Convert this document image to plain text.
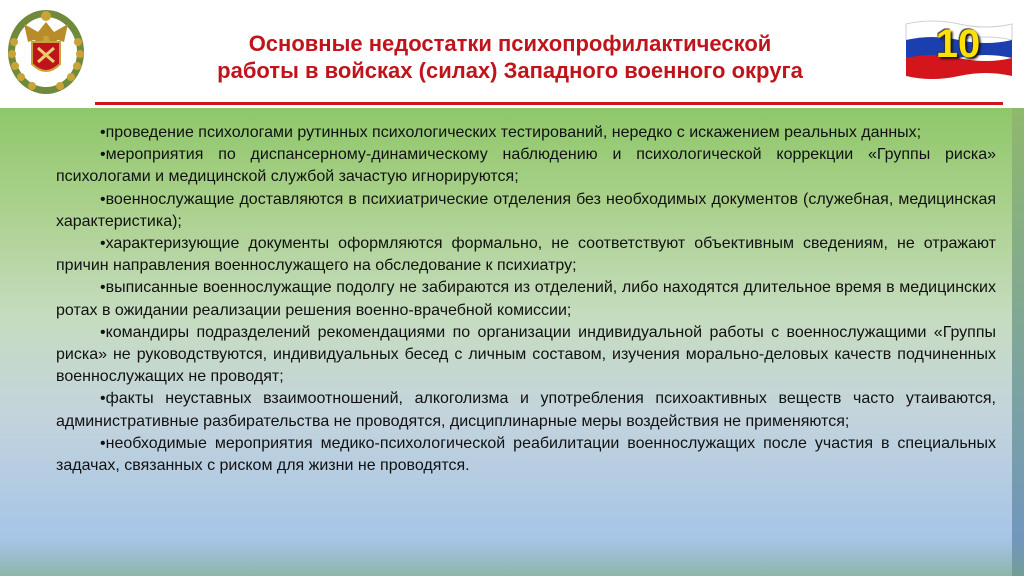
Основные недостатки психопрофилактической
работы в войсках (силах) Западного военного округа
10

•проведение психологами рутинных психологических тестирований, нередко с искажением реальных данных;

•мероприятия по диспансерному-динамическому наблюдению и психологической коррекции «Группы риска» психологами и медицинской службой зачастую игнорируются;

•военнослужащие доставляются в психиатрические отделения без необходимых документов (служебная, медицинская характеристика);

•характеризующие документы оформляются формально, не соответствуют объективным сведениям, не отражают причин направления военнослужащего на обследование к психиатру;

•выписанные военнослужащие подолгу не забираются из отделений, либо находятся длительное время в медицинских ротах в ожидании реализации решения военно-врачебной комиссии;

•командиры подразделений рекомендациями по организации индивидуальной работы с военнослужащими «Группы риска» не руководствуются, индивидуальных бесед с личным составом, изучения морально-деловых качеств подчиненных военнослужащих не проводят;

•факты неуставных взаимоотношений, алкоголизма и употребления психоактивных веществ часто утаиваются, административные разбирательства не проводятся, дисциплинарные меры воздействия не применяются;

•необходимые мероприятия медико-психологической реабилитации военнослужащих после участия в специальных задачах, связанных с риском для жизни не проводятся.
